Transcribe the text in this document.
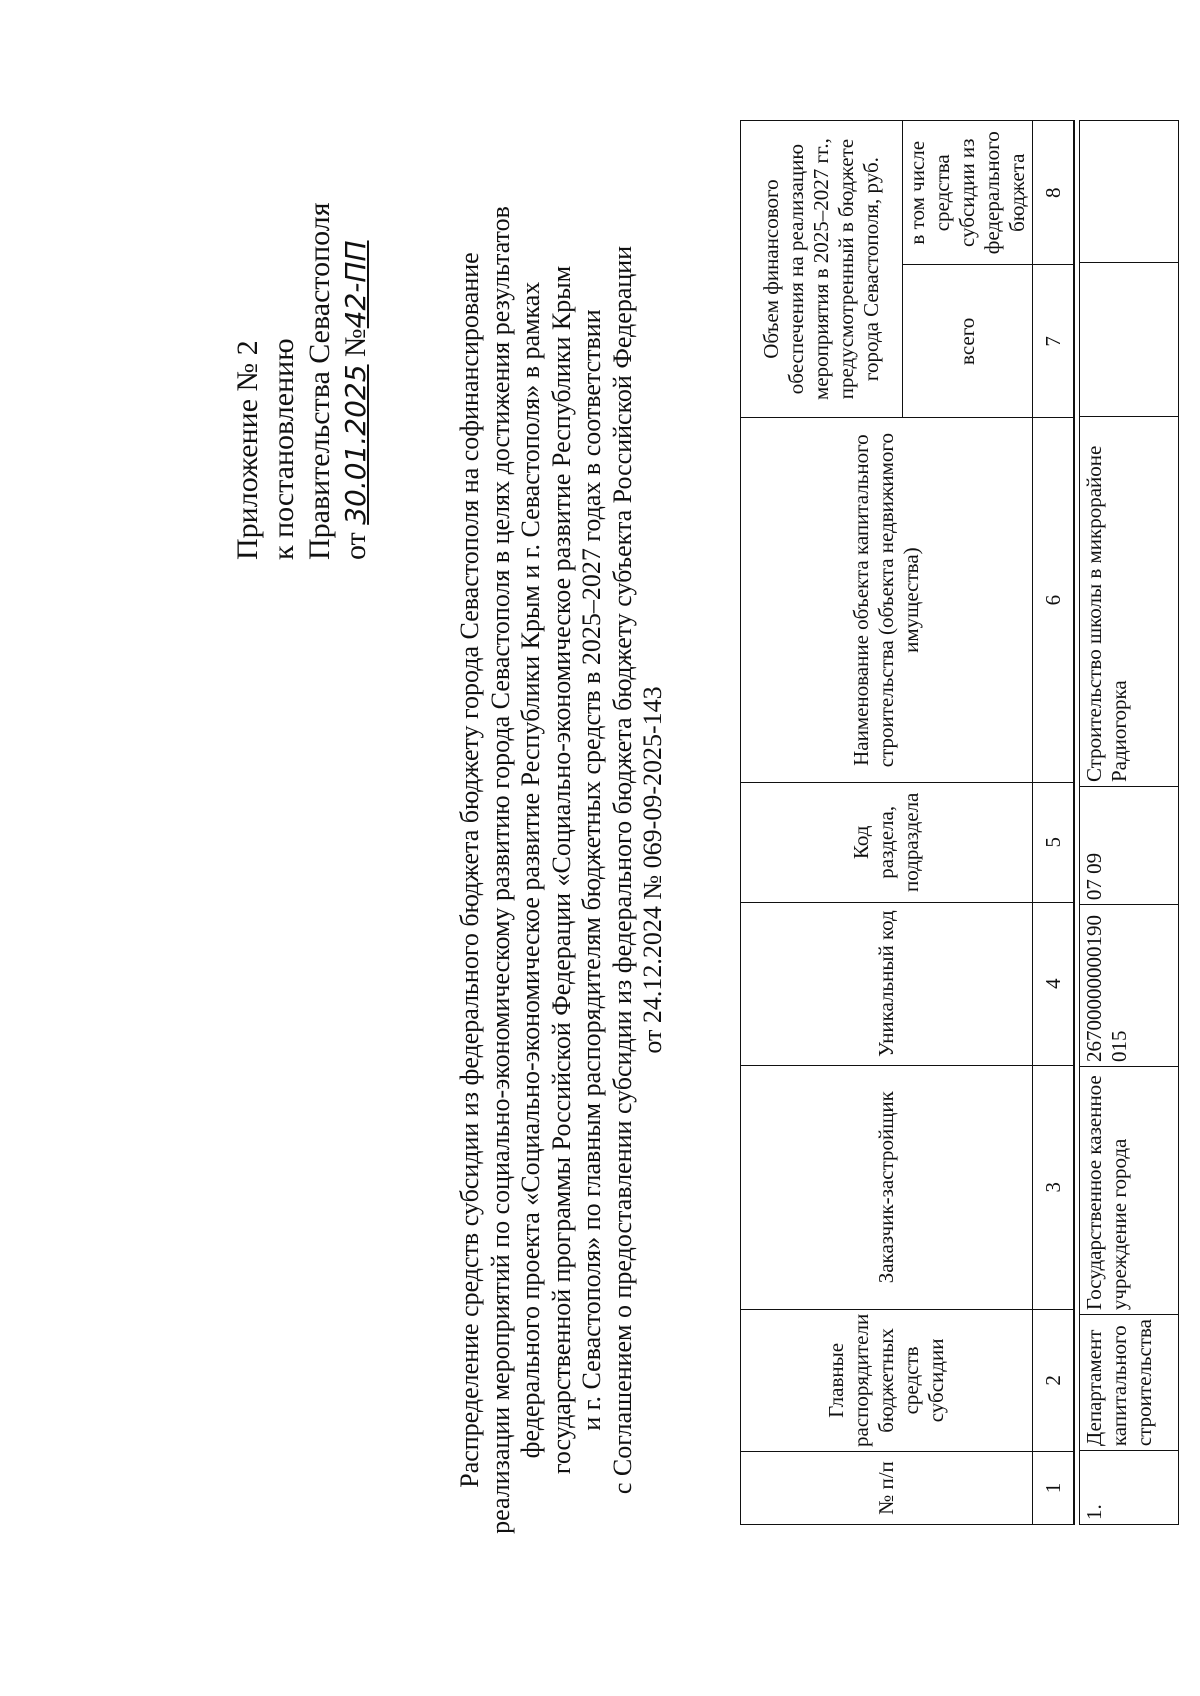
Приложение № 2 к постановлению Правительства Севастополя от 30.01.2025 №42-ПП	Распределение средств субсидии из федерального бюджета бюджету города Севастополя на софинансирование реализации мероприятий по социально-экономическому развитию города Севастополя в целях достижения результатов федерального проекта «Социально-экономическое развитие Республики Крым и г. Севастополя» в рамках государственной программы Российской Федерации «Социально-экономическое развитие Республики Крым и г. Севастополя» по главным распорядителям бюджетных средств в 2025–2027 годах в соответствии с Соглашением о предоставлении субсидии из федерального бюджета бюджету субъекта Российской Федерации от 24.12.2024 № 069-09-2025-143
№ п/п	Главные распорядители бюджетных средств субсидии	Заказчик-застройщик	Уникальный код	Код раздела, подраздела	Наименование объекта капитального строительства (объекта недвижимого имущества)	Объем финансового обеспечения на реализацию мероприятия в 2025–2027 гг., предусмотренный в бюджете города Севастополя, руб.	
						всего	в том числе средства субсидии из федерального бюджета
1	2	3	4	5	6	7	8
1.	Департамент капитального строительства	Государственное казенное учреждение города	26700000000190015	07 09	Строительство школы в микрорайоне Радиогорка		
